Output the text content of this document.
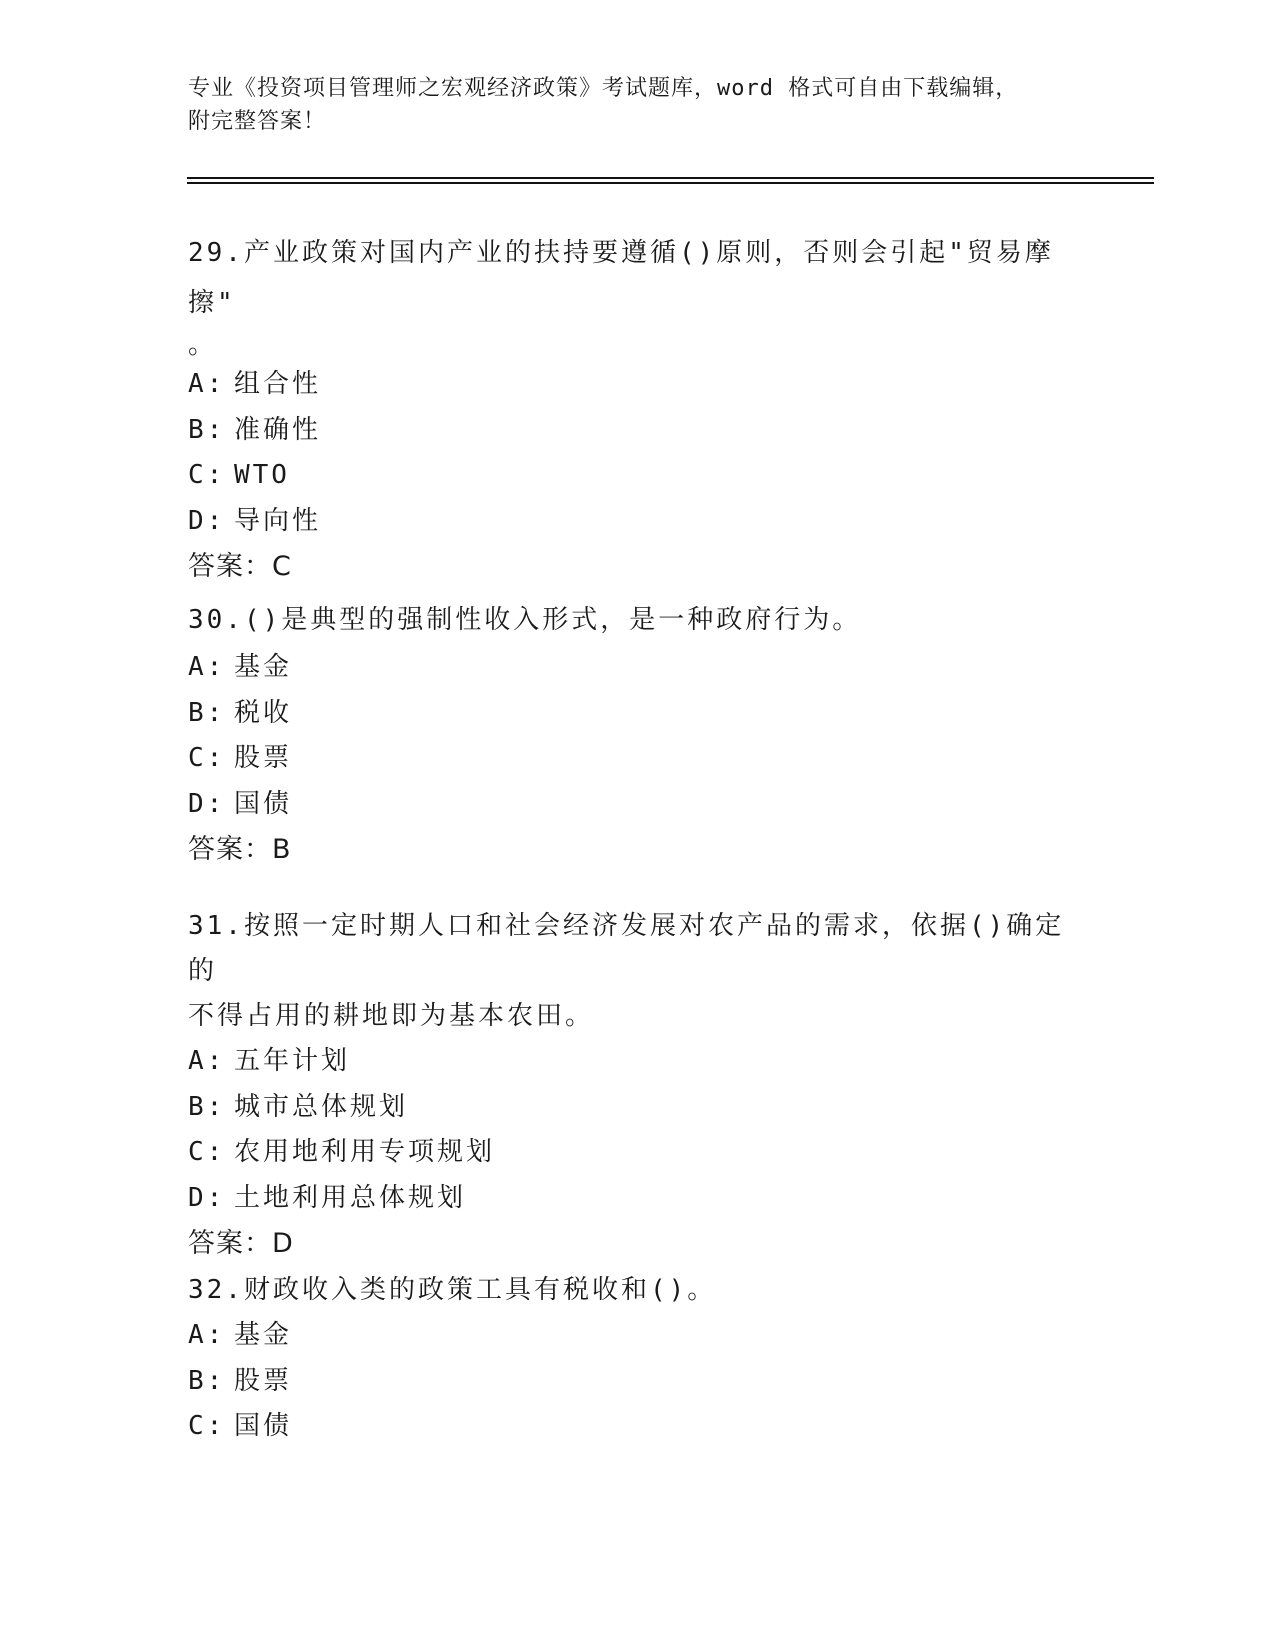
专业《投资项目管理师之宏观经济政策》考试题库，word 格式可自由下载编辑，
附完整答案！
29.产业政策对国内产业的扶持要遵循()原则，否则会引起"贸易摩擦"
。
A: 组合性
B: 准确性
C: WTO
D: 导向性
答案：C
30.()是典型的强制性收入形式，是一种政府行为。
A: 基金
B: 税收
C: 股票
D: 国债
答案：B
31.按照一定时期人口和社会经济发展对农产品的需求，依据()确定的
不得占用的耕地即为基本农田。
A: 五年计划
B: 城市总体规划
C: 农用地利用专项规划
D: 土地利用总体规划
答案：D
32.财政收入类的政策工具有税收和()。
A: 基金
B: 股票
C: 国债
